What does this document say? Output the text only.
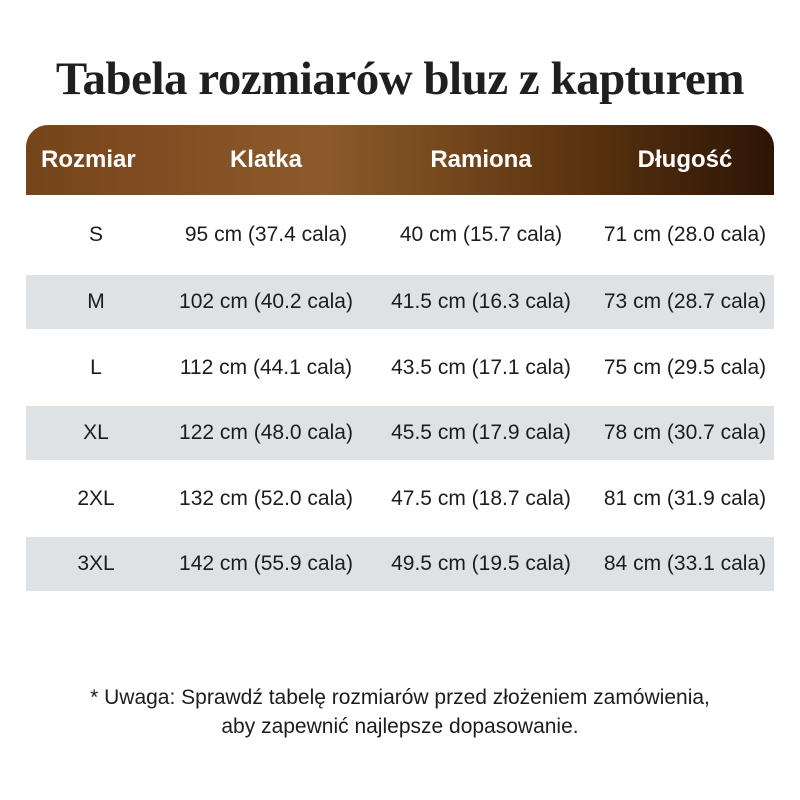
Tabela rozmiarów bluz z kapturem
Rozmiar	Klatka	Ramiona	Długość
S	95 cm (37.4 cala)	40 cm (15.7 cala)	71 cm (28.0 cala)
M	102 cm (40.2 cala)	41.5 cm (16.3 cala)	73 cm (28.7 cala)
L	112 cm (44.1 cala)	43.5 cm (17.1 cala)	75 cm (29.5 cala)
XL	122 cm (48.0 cala)	45.5 cm (17.9 cala)	78 cm (30.7 cala)
2XL	132 cm (52.0 cala)	47.5 cm (18.7 cala)	81 cm (31.9 cala)
3XL	142 cm (55.9 cala)	49.5 cm (19.5 cala)	84 cm (33.1 cala)
* Uwaga: Sprawdź tabelę rozmiarów przed złożeniem zamówienia,
aby zapewnić najlepsze dopasowanie.
